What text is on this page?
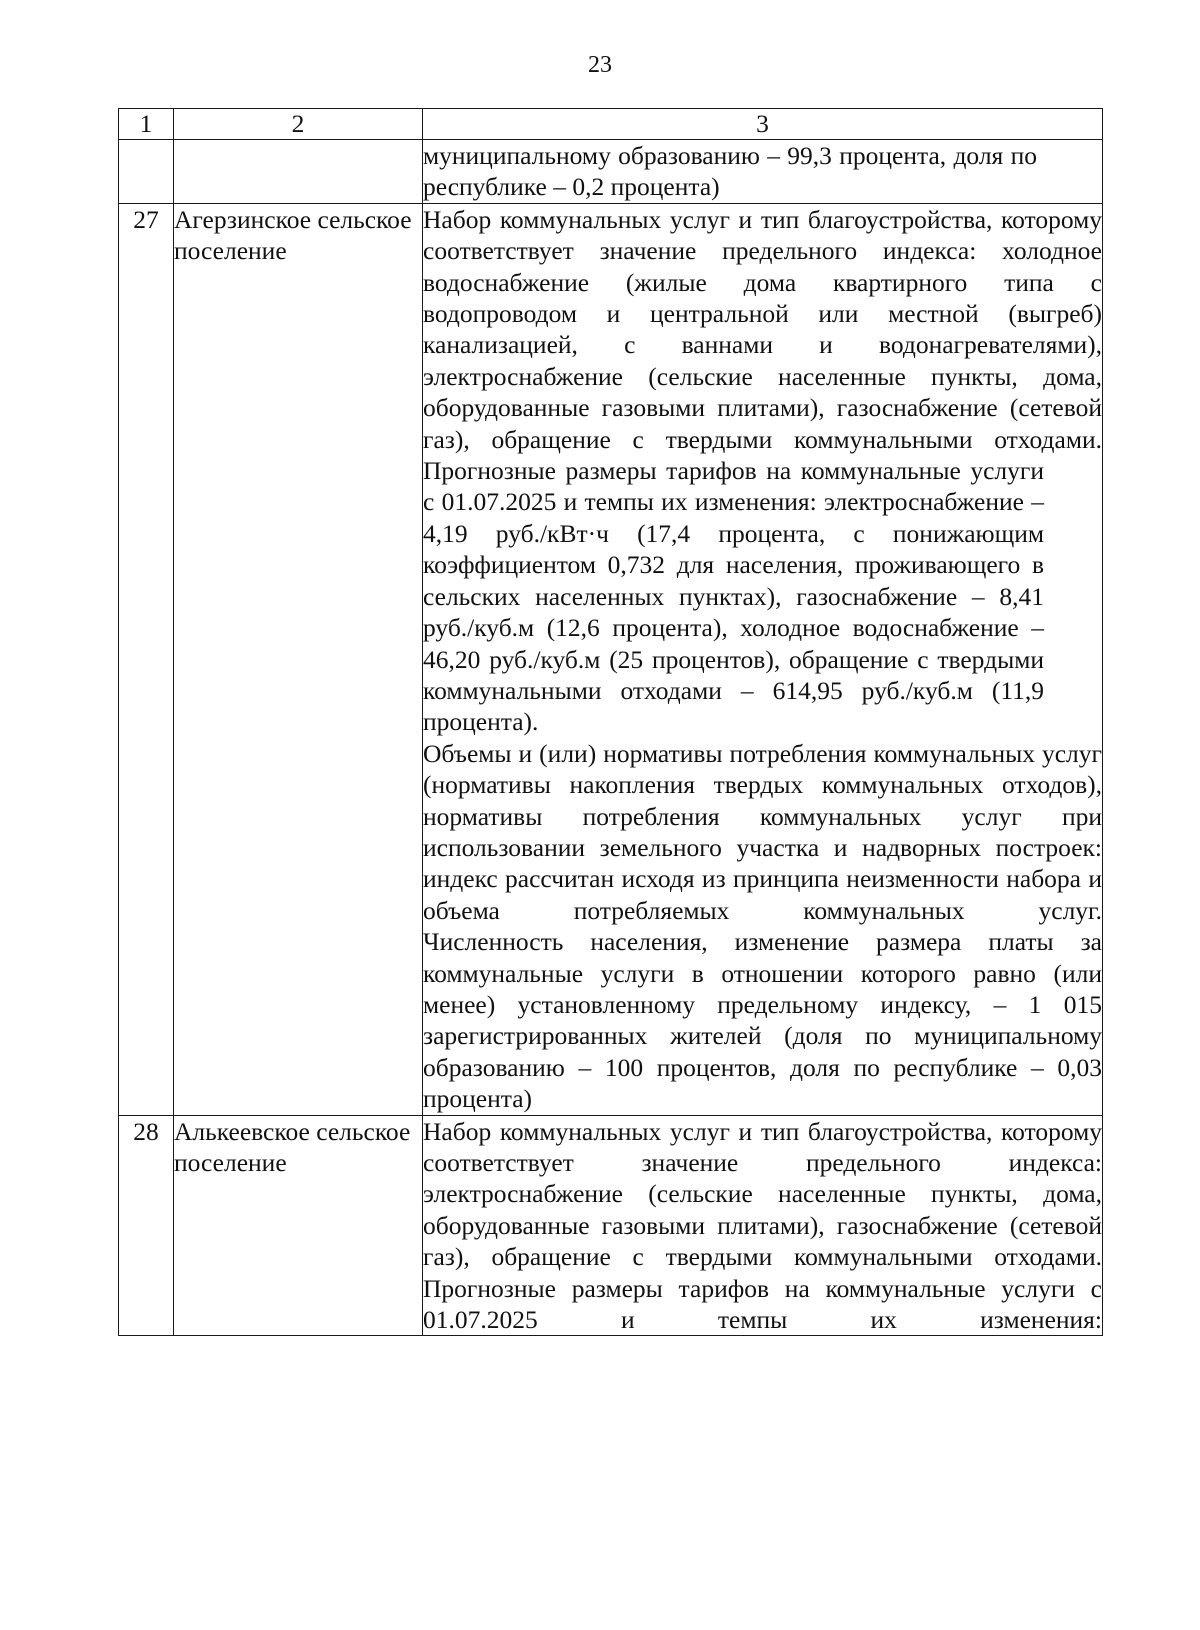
23
1	2	3

		муниципальному образованию – 99,3 процента, доля по республике – 0,2 процента)

27	Агерзинское сельское поселение	Набор коммунальных услуг и тип благоустройства, которому соответствует значение предельного индекса: холодное водоснабжение (жилые дома квартирного типа с водопроводом и центральной или местной (выгреб) канализацией, с ваннами и водонагревателями), электроснабжение (сельские населенные пункты, дома, оборудованные газовыми плитами), газоснабжение (сетевой газ), обращение с твердыми коммунальными отходами.
Прогнозные размеры тарифов на коммунальные услуги с 01.07.2025 и темпы их изменения: электроснабжение – 4,19 руб./кВт·ч (17,4 процента, с понижающим коэффициентом 0,732 для населения, проживающего в сельских населенных пунктах), газоснабжение – 8,41 руб./куб.м (12,6 процента), холодное водоснабжение – 46,20 руб./куб.м (25 процентов), обращение с твердыми коммунальными отходами – 614,95 руб./куб.м (11,9 процента).
Объемы и (или) нормативы потребления коммунальных услуг (нормативы накопления твердых коммунальных отходов), нормативы потребления коммунальных услуг при использовании земельного участка и надворных построек: индекс рассчитан исходя из принципа неизменности набора и объема потребляемых коммунальных услуг.
Численность населения, изменение размера платы за коммунальные услуги в отношении которого равно (или менее) установленному предельному индексу, – 1 015 зарегистрированных жителей (доля по муниципальному образованию – 100 процентов, доля по республике – 0,03 процента)

28	Алькеевское сельское поселение	Набор коммунальных услуг и тип благоустройства, которому соответствует значение предельного индекса: электроснабжение (сельские населенные пункты, дома, оборудованные газовыми плитами), газоснабжение (сетевой газ), обращение с твердыми коммунальными отходами.
Прогнозные размеры тарифов на коммунальные услуги с 01.07.2025 и темпы их изменения:
